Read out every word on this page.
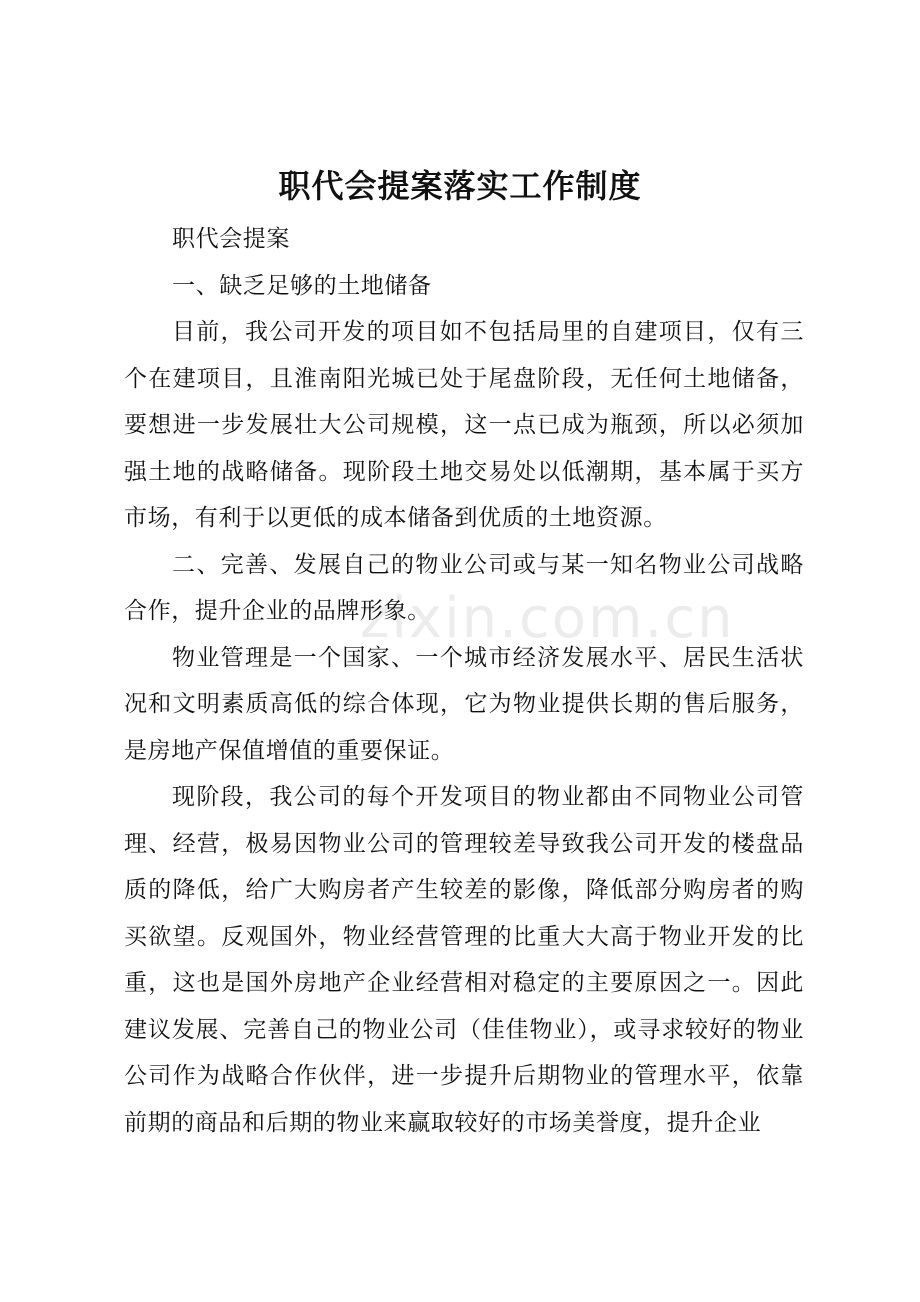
职代会提案落实工作制度

职代会提案

一、缺乏足够的土地储备

目前，我公司开发的项目如不包括局里的自建项目，仅有三个在建项目，且淮南阳光城已处于尾盘阶段，无任何土地储备，要想进一步发展壮大公司规模，这一点已成为瓶颈，所以必须加强土地的战略储备。现阶段土地交易处以低潮期，基本属于买方市场，有利于以更低的成本储备到优质的土地资源。

二、完善、发展自己的物业公司或与某一知名物业公司战略合作，提升企业的品牌形象。

物业管理是一个国家、一个城市经济发展水平、居民生活状况和文明素质高低的综合体现，它为物业提供长期的售后服务，是房地产保值增值的重要保证。

现阶段，我公司的每个开发项目的物业都由不同物业公司管理、经营，极易因物业公司的管理较差导致我公司开发的楼盘品质的降低，给广大购房者产生较差的影像，降低部分购房者的购买欲望。反观国外，物业经营管理的比重大大高于物业开发的比重，这也是国外房地产企业经营相对稳定的主要原因之一。因此建议发展、完善自己的物业公司（佳佳物业），或寻求较好的物业公司作为战略合作伙伴，进一步提升后期物业的管理水平，依靠前期的商品和后期的物业来赢取较好的市场美誉度，提升企业

zixin.com.cn
